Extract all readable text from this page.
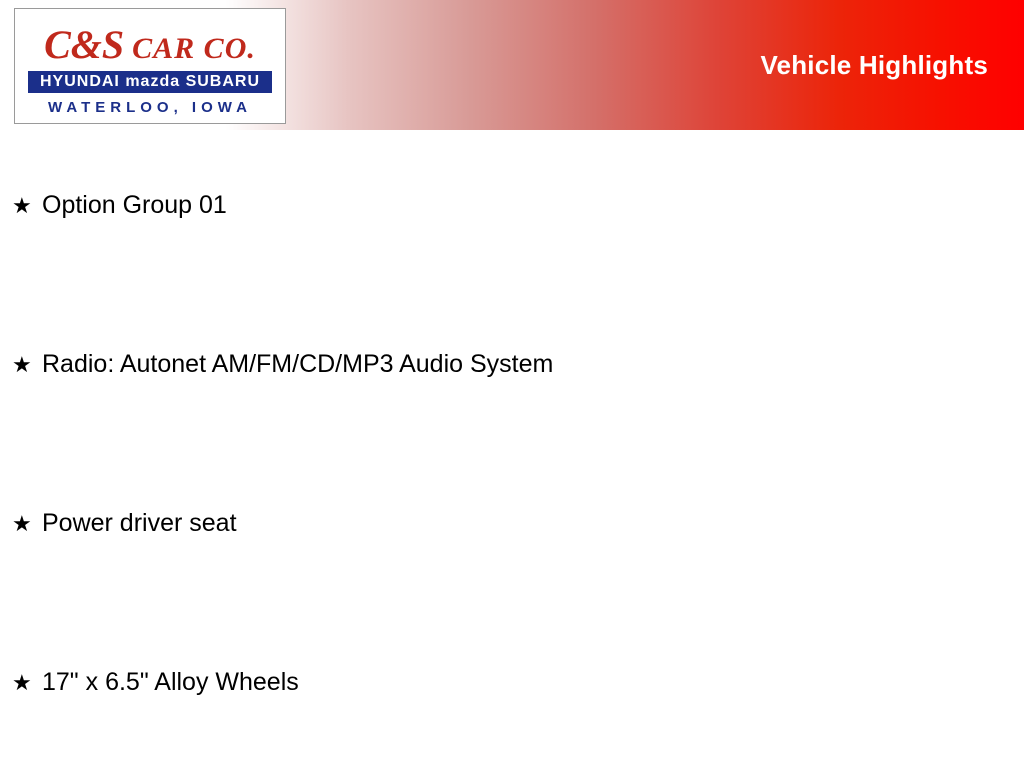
C&S CAR CO.
HYUNDAI mazda SUBARU
WATERLOO, IOWA
Vehicle Highlights
★ Option Group 01
★ Radio: Autonet AM/FM/CD/MP3 Audio System
★ Power driver seat
★ 17" x 6.5" Alloy Wheels
